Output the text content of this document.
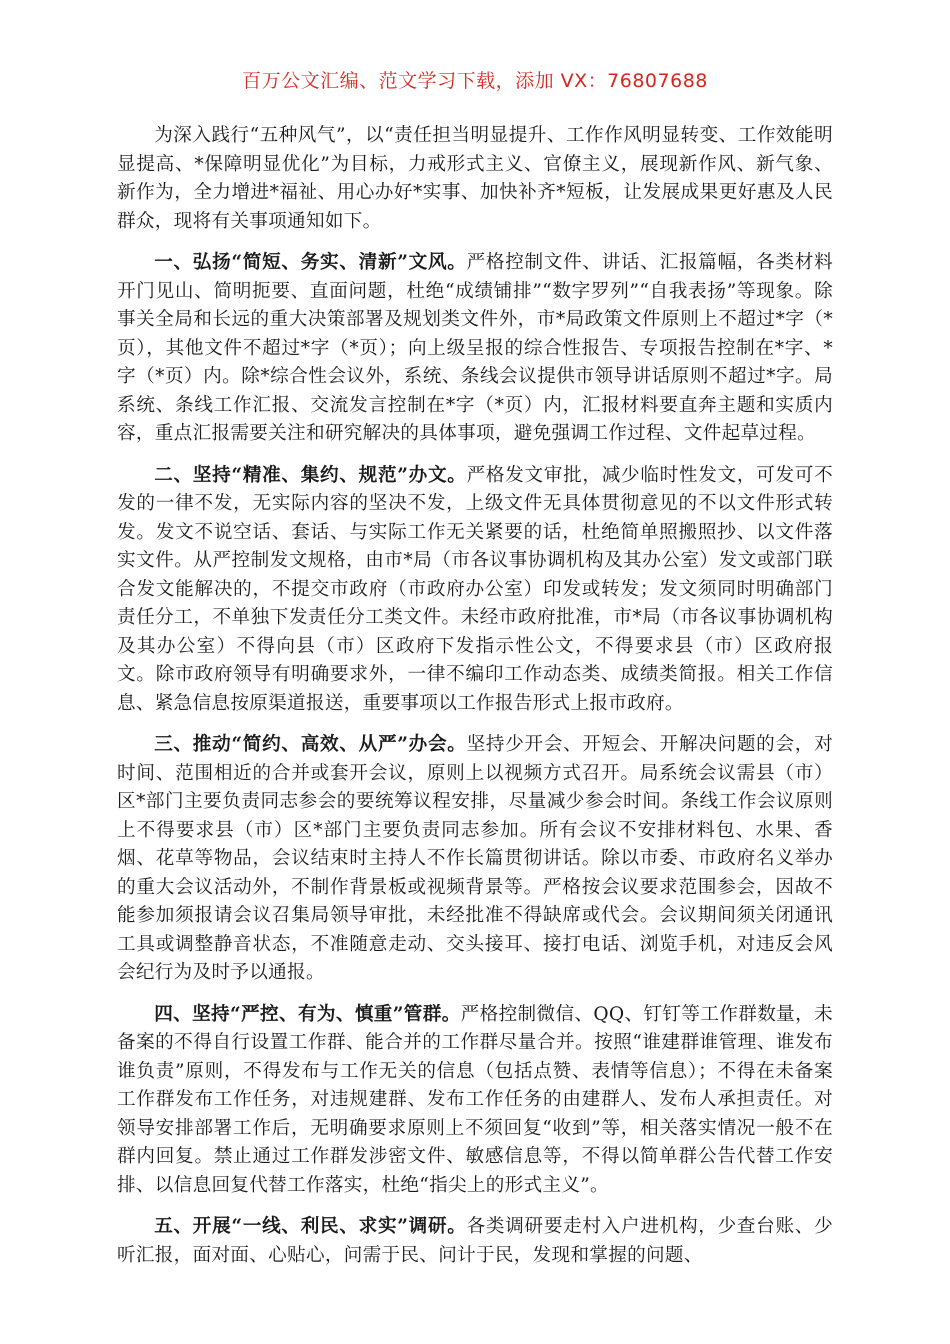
百万公文汇编、范文学习下载，添加 VX：76807688

为深入践行“五种风气”，以“责任担当明显提升、工作作风明显转变、工作效能明显提高、*保障明显优化”为目标，力戒形式主义、官僚主义，展现新作风、新气象、新作为，全力增进*福祉、用心办好*实事、加快补齐*短板，让发展成果更好惠及人民群众，现将有关事项通知如下。

一、弘扬“简短、务实、清新”文风。严格控制文件、讲话、汇报篇幅，各类材料开门见山、简明扼要、直面问题，杜绝“成绩铺排”“数字罗列”“自我表扬”等现象。除事关全局和长远的重大决策部署及规划类文件外，市*局政策文件原则上不超过*字（*页），其他文件不超过*字（*页）；向上级呈报的综合性报告、专项报告控制在*字、*字（*页）内。除*综合性会议外，系统、条线会议提供市领导讲话原则不超过*字。局系统、条线工作汇报、交流发言控制在*字（*页）内，汇报材料要直奔主题和实质内容，重点汇报需要关注和研究解决的具体事项，避免强调工作过程、文件起草过程。

二、坚持“精准、集约、规范”办文。严格发文审批，减少临时性发文，可发可不发的一律不发，无实际内容的坚决不发，上级文件无具体贯彻意见的不以文件形式转发。发文不说空话、套话、与实际工作无关紧要的话，杜绝简单照搬照抄、以文件落实文件。从严控制发文规格，由市*局（市各议事协调机构及其办公室）发文或部门联合发文能解决的，不提交市政府（市政府办公室）印发或转发；发文须同时明确部门责任分工，不单独下发责任分工类文件。未经市政府批准，市*局（市各议事协调机构及其办公室）不得向县（市）区政府下发指示性公文，不得要求县（市）区政府报文。除市政府领导有明确要求外，一律不编印工作动态类、成绩类简报。相关工作信息、紧急信息按原渠道报送，重要事项以工作报告形式上报市政府。

三、推动“简约、高效、从严”办会。坚持少开会、开短会、开解决问题的会，对时间、范围相近的合并或套开会议，原则上以视频方式召开。局系统会议需县（市）区*部门主要负责同志参会的要统筹议程安排，尽量减少参会时间。条线工作会议原则上不得要求县（市）区*部门主要负责同志参加。所有会议不安排材料包、水果、香烟、花草等物品，会议结束时主持人不作长篇贯彻讲话。除以市委、市政府名义举办的重大会议活动外，不制作背景板或视频背景等。严格按会议要求范围参会，因故不能参加须报请会议召集局领导审批，未经批准不得缺席或代会。会议期间须关闭通讯工具或调整静音状态，不准随意走动、交头接耳、接打电话、浏览手机，对违反会风会纪行为及时予以通报。

四、坚持“严控、有为、慎重”管群。严格控制微信、QQ、钉钉等工作群数量，未备案的不得自行设置工作群、能合并的工作群尽量合并。按照“谁建群谁管理、谁发布谁负责”原则，不得发布与工作无关的信息（包括点赞、表情等信息）；不得在未备案工作群发布工作任务，对违规建群、发布工作任务的由建群人、发布人承担责任。对领导安排部署工作后，无明确要求原则上不须回复“收到”等，相关落实情况一般不在群内回复。禁止通过工作群发涉密文件、敏感信息等，不得以简单群公告代替工作安排、以信息回复代替工作落实，杜绝“指尖上的形式主义”。

五、开展“一线、利民、求实”调研。各类调研要走村入户进机构，少查台账、少听汇报，面对面、心贴心，问需于民、问计于民，发现和掌握的问题、
